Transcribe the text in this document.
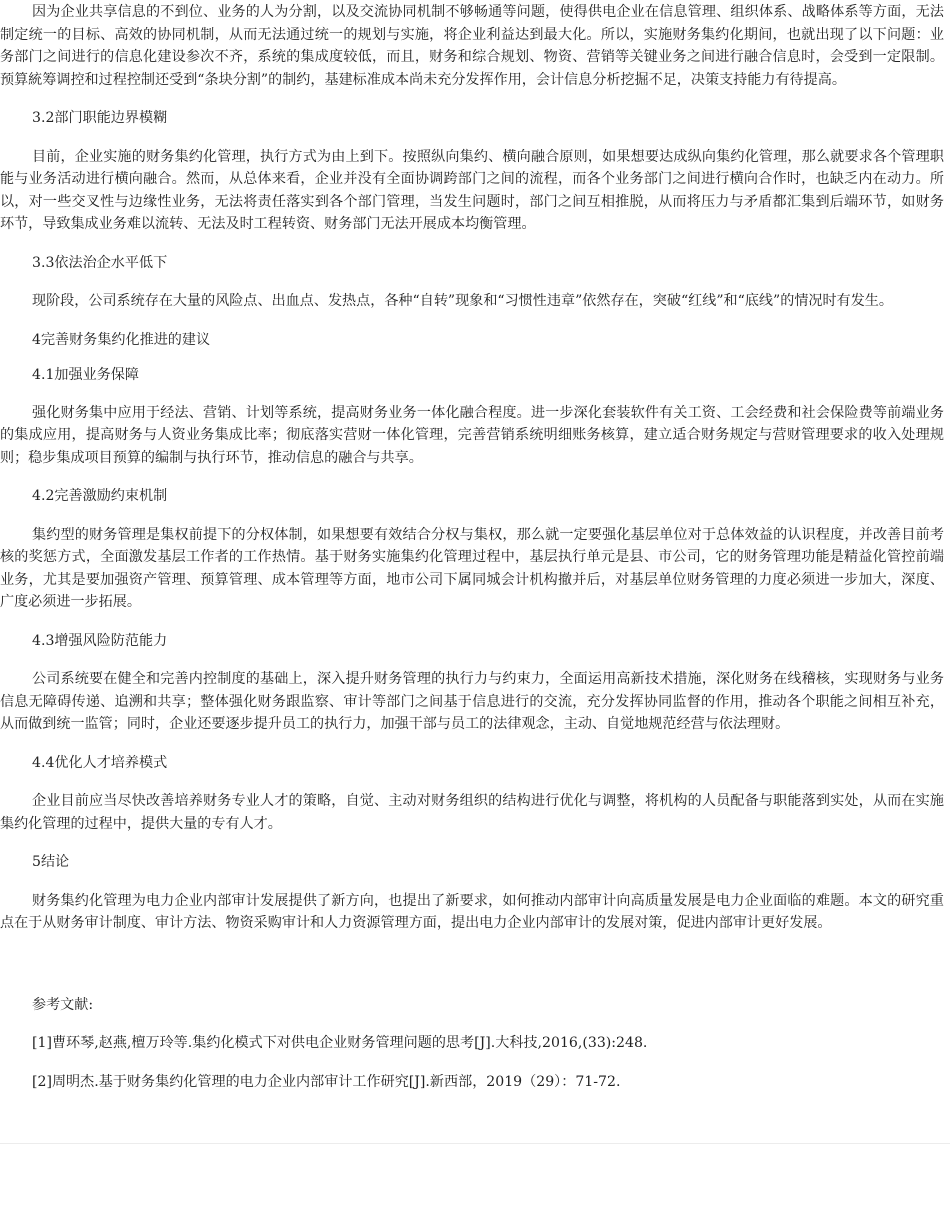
因为企业共享信息的不到位、业务的人为分割，以及交流协同机制不够畅通等问题，使得供电企业在信息管理、组织体系、战略体系等方面，无法制定统一的目标、高效的协同机制，从而无法通过统一的规划与实施，将企业利益达到最大化。所以，实施财务集约化期间，也就出现了以下问题：业务部门之间进行的信息化建设参次不齐，系统的集成度较低，而且，财务和综合规划、物资、营销等关键业务之间进行融合信息时，会受到一定限制。预算統筹调控和过程控制还受到“条块分割”的制约，基建标准成本尚未充分发挥作用，会计信息分析挖掘不足，决策支持能力有待提高。

3.2部门职能边界模糊

目前，企业实施的财务集约化管理，执行方式为由上到下。按照纵向集约、横向融合原则，如果想要达成纵向集约化管理，那么就要求各个管理职能与业务活动进行横向融合。然而，从总体来看，企业并没有全面协调跨部门之间的流程，而各个业务部门之间进行横向合作时，也缺乏内在动力。所以，对一些交叉性与边缘性业务，无法将责任落实到各个部门管理，当发生问题时，部门之间互相推脱，从而将压力与矛盾都汇集到后端环节，如财务环节，导致集成业务难以流转、无法及时工程转资、财务部门无法开展成本均衡管理。

3.3依法治企水平低下

现阶段，公司系统存在大量的风险点、出血点、发热点，各种“自转”现象和“习惯性违章”依然存在，突破“红线”和“底线”的情况时有发生。

4完善财务集约化推进的建议

4.1加强业务保障

强化财务集中应用于经法、营销、计划等系统，提高财务业务一体化融合程度。进一步深化套装软件有关工资、工会经费和社会保险费等前端业务的集成应用，提高财务与人资业务集成比率；彻底落实营财一体化管理，完善营销系统明细账务核算，建立适合财务规定与营财管理要求的收入处理规则；稳步集成项目预算的编制与执行环节，推动信息的融合与共享。

4.2完善激励约束机制

集约型的财务管理是集权前提下的分权体制，如果想要有效结合分权与集权，那么就一定要强化基层单位对于总体效益的认识程度，并改善目前考核的奖惩方式，全面激发基层工作者的工作热情。基于财务实施集约化管理过程中，基层执行单元是县、市公司，它的财务管理功能是精益化管控前端业务，尤其是要加强资产管理、预算管理、成本管理等方面，地市公司下属同城会计机构撤并后，对基层单位财务管理的力度必须进一步加大，深度、广度必须进一步拓展。

4.3增强风险防范能力

公司系统要在健全和完善内控制度的基础上，深入提升财务管理的执行力与约束力，全面运用高新技术措施，深化财务在线稽核，实现财务与业务信息无障碍传递、追溯和共享；整体强化财务跟监察、审计等部门之间基于信息进行的交流，充分发挥协同监督的作用，推动各个职能之间相互补充，从而做到统一监管；同时，企业还要逐步提升员工的执行力，加强干部与员工的法律观念，主动、自觉地规范经营与依法理财。

4.4优化人才培养模式

企业目前应当尽快改善培养财务专业人才的策略，自觉、主动对财务组织的结构进行优化与调整，将机构的人员配备与职能落到实处，从而在实施集约化管理的过程中，提供大量的专有人才。

5结论

财务集约化管理为电力企业内部审计发展提供了新方向，也提出了新要求，如何推动内部审计向高质量发展是电力企业面临的难题。本文的研究重点在于从财务审计制度、审计方法、物资采购审计和人力资源管理方面，提出电力企业内部审计的发展对策，促进内部审计更好发展。

参考文献:

[1]曹环琴,赵燕,檀万玲等.集约化模式下对供电企业财务管理问题的思考[J].大科技,2016,(33):248.

[2]周明杰.基于财务集约化管理的电力企业内部审计工作研究[J].新西部，2019（29）：71-72.
